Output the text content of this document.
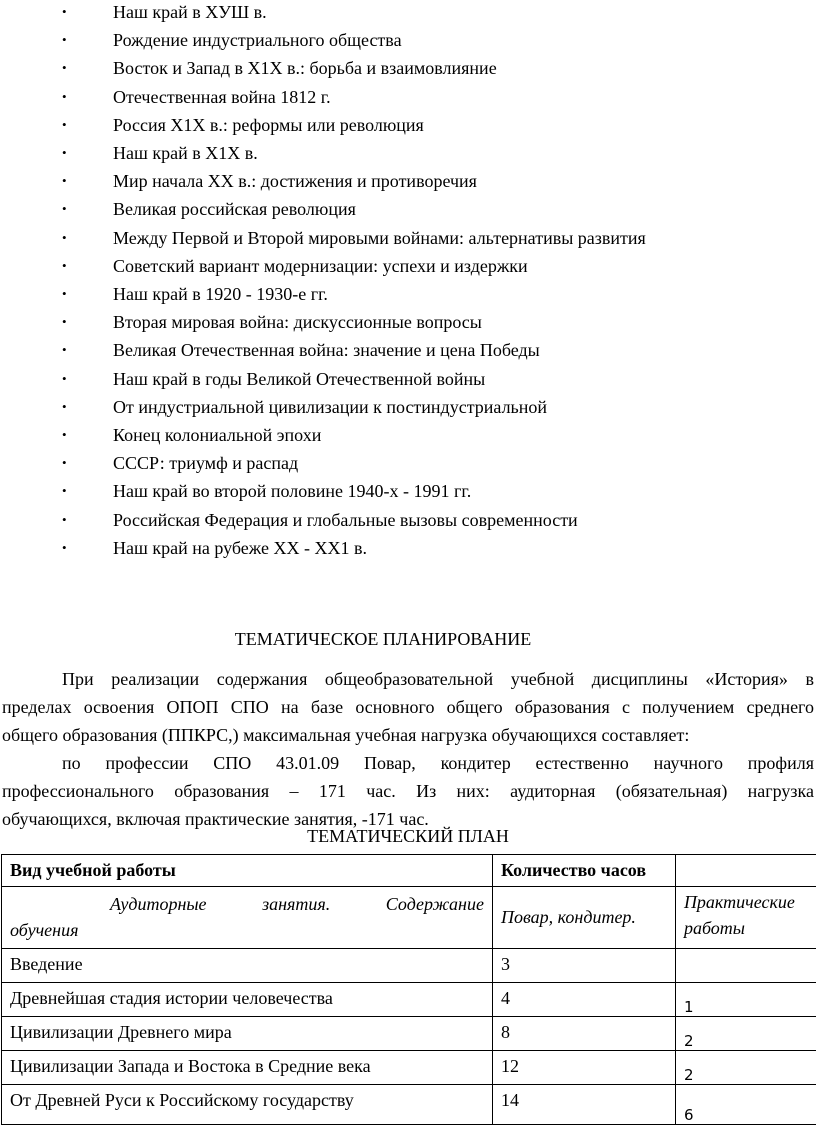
•	Наш край в ХУШ в.
•	Рождение индустриального общества
•	Восток и Запад в Х1Х в.: борьба и взаимовлияние
•	Отечественная война 1812 г.
•	Россия Х1Х в.: реформы или революция
•	Наш край в Х1Х в.
•	Мир начала ХХ в.: достижения и противоречия
•	Великая российская революция
•	Между Первой и Второй мировыми войнами: альтернативы развития
•	Советский вариант модернизации: успехи и издержки
•	Наш край в 1920 - 1930-е гг.
•	Вторая мировая война: дискуссионные вопросы
•	Великая Отечественная война: значение и цена Победы
•	Наш край в годы Великой Отечественной войны
•	От индустриальной цивилизации к постиндустриальной
•	Конец колониальной эпохи
•	СССР: триумф и распад
•	Наш край во второй половине 1940-х - 1991 гг.
•	Российская Федерация и глобальные вызовы современности
•	Наш край на рубеже ХХ - ХХ1 в.
ТЕМАТИЧЕСКОЕ ПЛАНИРОВАНИЕ
При реализации содержания общеобразовательной учебной дисциплины «История» в
пределах освоения ОПОП СПО на базе основного общего образования с получением среднего
общего образования (ППКРС,) максимальная учебная нагрузка обучающихся составляет:
по профессии СПО 43.01.09 Повар, кондитер естественно научного профиля
профессионального образования – 171 час. Из них: аудиторная (обязательная) нагрузка
обучающихся, включая практические занятия, -171 час.
ТЕМАТИЧЕСКИЙ ПЛАН
Вид учебной работы	Количество часов	

Аудиторные занятия. Содержание
обучения	Повар, кондитер.	Практические
работы

Введение	3	
Древнейшая стадия истории человечества	4	1
Цивилизации Древнего мира	8	2
Цивилизации Запада и Востока в Средние века	12	2
От Древней Руси к Российскому государству	14	6
